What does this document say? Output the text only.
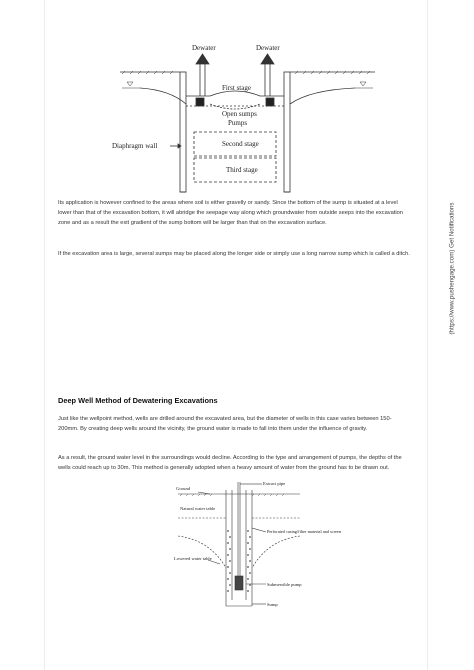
(https://www.pushengage.com) Get Notifications
Dewater	Dewater
First stage
Open sumps
Pumps
Second stage
Diaphragm wall
Third stage
Its application is however confined to the areas where soil is either gravelly or sandy. Since the bottom of the sump is situated at a level lower than that of the excavation bottom, it will abridge the seepage way along which groundwater from outside seeps into the excavation zone and as a result the exit gradient of the sump bottom will be larger than that on the excavation surface.
If the excavation area is large, several sumps may be placed along the longer side or simply use a long narrow sump which is called a ditch.
Deep Well Method of Dewatering Excavations
Just like the wellpoint method, wells are drilled around the excavated area, but the diameter of wells in this case varies between 150-200mm. By creating deep wells around the vicinity, the ground water is made to fall into them under the influence of gravity.
As a result, the ground water level in the surroundings would decline. According to the type and arrangement of pumps, the depths of the wells could reach up to 30m. This method is generally adopted when a heavy amount of water from the ground has to be drawn out.
Ground
Extract pipe
Natural water table
Perforated casing/filter material and screen
Lowered water table
Submersible pump
Sump
